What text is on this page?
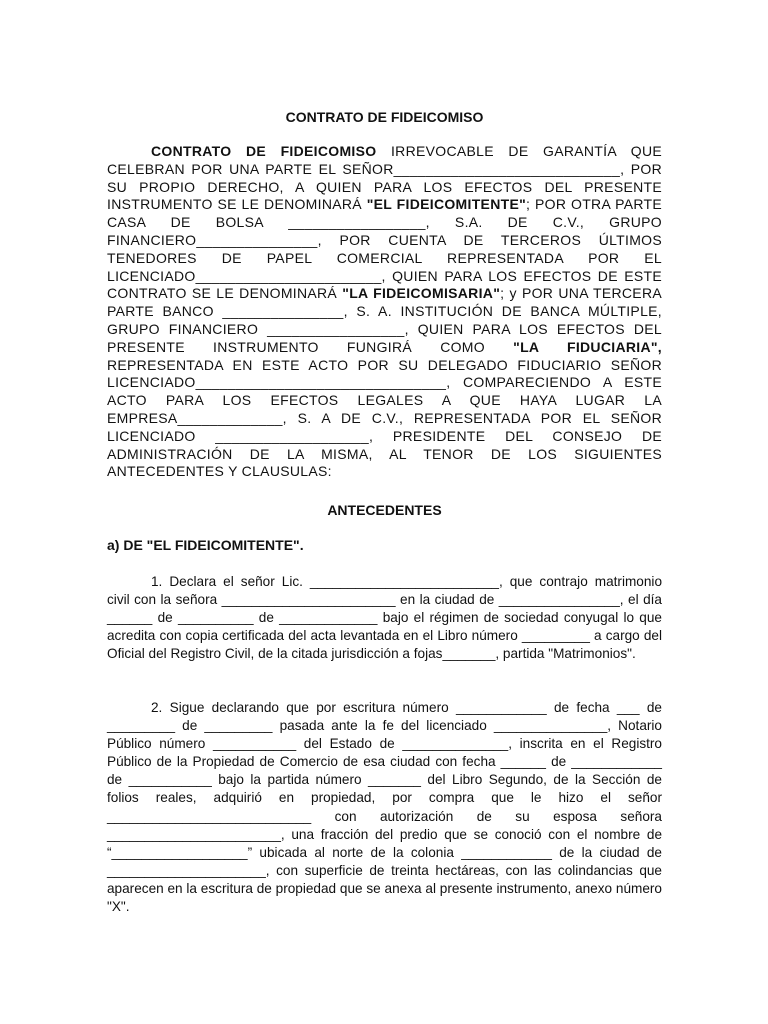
CONTRATO DE FIDEICOMISO

CONTRATO DE FIDEICOMISO IRREVOCABLE DE GARANTÍA QUE CELEBRAN POR UNA PARTE EL SEÑOR____________________________, POR SU PROPIO DERECHO, A QUIEN PARA LOS EFECTOS DEL PRESENTE INSTRUMENTO SE LE DENOMINARÁ "EL FIDEICOMITENTE"; POR OTRA PARTE CASA DE BOLSA _________________, S.A. DE C.V., GRUPO FINANCIERO_______________, POR CUENTA DE TERCEROS ÚLTIMOS TENEDORES DE PAPEL COMERCIAL REPRESENTADA POR EL LICENCIADO_______________________, QUIEN PARA LOS EFECTOS DE ESTE CONTRATO SE LE DENOMINARÁ "LA FIDEICOMISARIA"; y POR UNA TERCERA PARTE BANCO _______________, S. A. INSTITUCIÓN DE BANCA MÚLTIPLE, GRUPO FINANCIERO _________________, QUIEN PARA LOS EFECTOS DEL PRESENTE INSTRUMENTO FUNGIRÁ COMO "LA FIDUCIARIA", REPRESENTADA EN ESTE ACTO POR SU DELEGADO FIDUCIARIO SEÑOR LICENCIADO_______________________________, COMPARECIENDO A ESTE ACTO PARA LOS EFECTOS LEGALES A QUE HAYA LUGAR LA EMPRESA_____________, S. A DE C.V., REPRESENTADA POR EL SEÑOR LICENCIADO ___________________, PRESIDENTE DEL CONSEJO DE ADMINISTRACIÓN DE LA MISMA, AL TENOR DE LOS SIGUIENTES ANTECEDENTES Y CLAUSULAS:

ANTECEDENTES
a) DE "EL FIDEICOMITENTE".

1. Declara el señor Lic. _________________________, que contrajo matrimonio civil con la señora _______________________ en la ciudad de ________________, el día ______ de __________ de _____________ bajo el régimen de sociedad conyugal lo que acredita con copia certificada del acta levantada en el Libro número _________ a cargo del Oficial del Registro Civil, de la citada jurisdicción a fojas_______, partida "Matrimonios".

2. Sigue declarando que por escritura número ____________ de fecha ___ de _________ de _________ pasada ante la fe del licenciado _______________, Notario Público número ___________ del Estado de ______________, inscrita en el Registro Público de la Propiedad de Comercio de esa ciudad con fecha ______ de ____________ de ___________ bajo la partida número _______ del Libro Segundo, de la Sección de folios reales, adquirió en propiedad, por compra que le hizo el señor ___________________________ con autorización de su esposa señora _______________________, una fracción del predio que se conoció con el nombre de “__________________” ubicada al norte de la colonia ____________ de la ciudad de _____________________, con superficie de treinta hectáreas, con las colindancias que aparecen en la escritura de propiedad que se anexa al presente instrumento, anexo número "X".
